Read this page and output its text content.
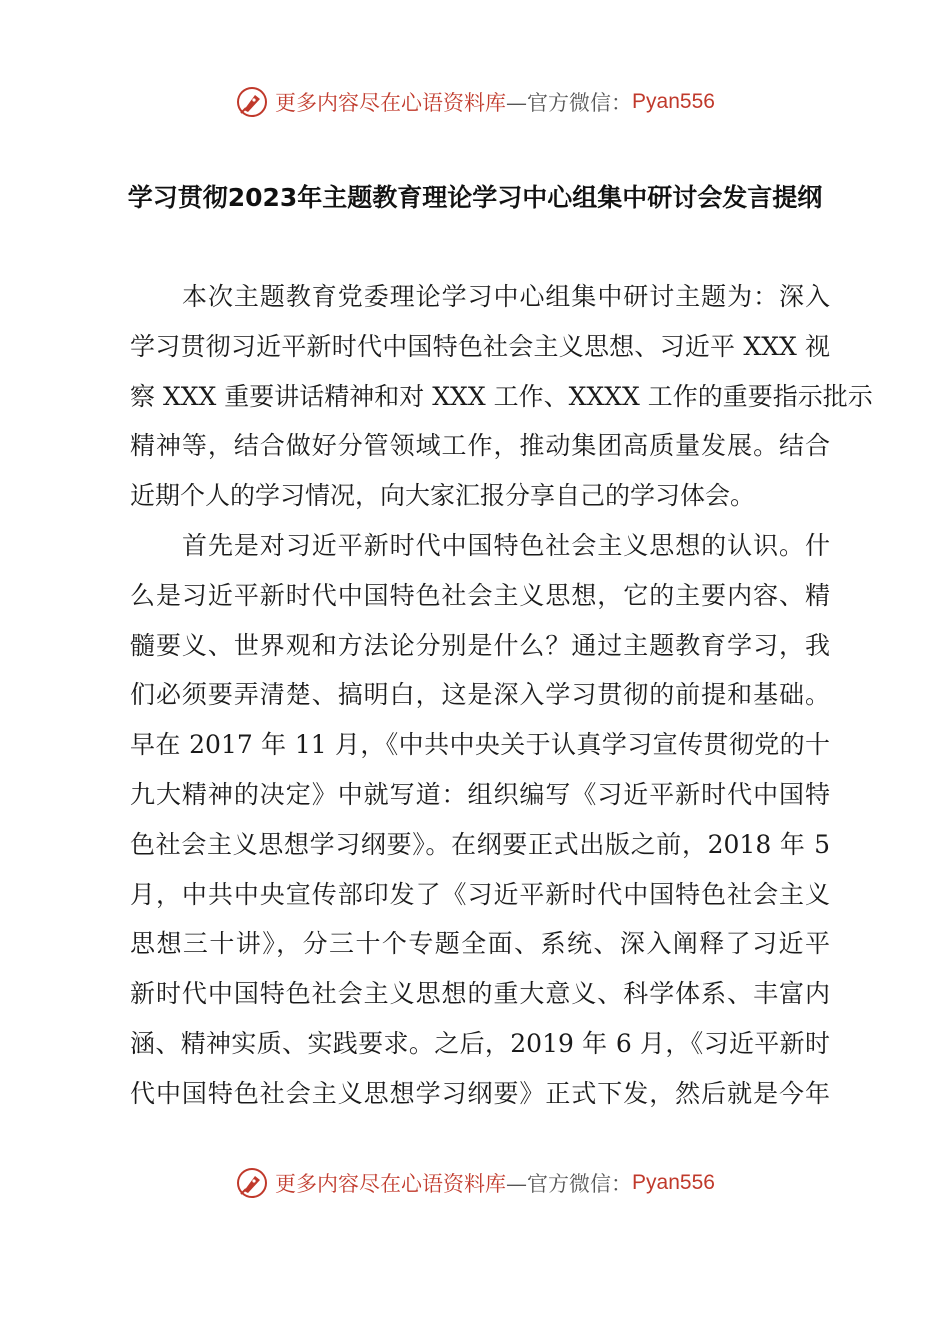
更多内容尽在心语资料库 —官方微信： Pyan556
学习贯彻2023年主题教育理论学习中心组集中研讨会发言提纲
本次主题教育党委理论学习中心组集中研讨主题为：深入
学习贯彻习近平新时代中国特色社会主义思想、习近平 XXX 视
察 XXX 重要讲话精神和对 XXX 工作、XXXX 工作的重要指示批示
精神等，结合做好分管领域工作，推动集团高质量发展。结合
近期个人的学习情况，向大家汇报分享自己的学习体会。
首先是对习近平新时代中国特色社会主义思想的认识。什
么是习近平新时代中国特色社会主义思想，它的主要内容、精
髓要义、世界观和方法论分别是什么？通过主题教育学习，我
们必须要弄清楚、搞明白，这是深入学习贯彻的前提和基础。
早在 2017 年 11 月，《中共中央关于认真学习宣传贯彻党的十
九大精神的决定》中就写道：组织编写《习近平新时代中国特
色社会主义思想学习纲要》。在纲要正式出版之前，2018 年 5
月，中共中央宣传部印发了《习近平新时代中国特色社会主义
思想三十讲》，分三十个专题全面、系统、深入阐释了习近平
新时代中国特色社会主义思想的重大意义、科学体系、丰富内
涵、精神实质、实践要求。之后，2019 年 6 月，《习近平新时
代中国特色社会主义思想学习纲要》正式下发，然后就是今年
更多内容尽在心语资料库 —官方微信： Pyan556
